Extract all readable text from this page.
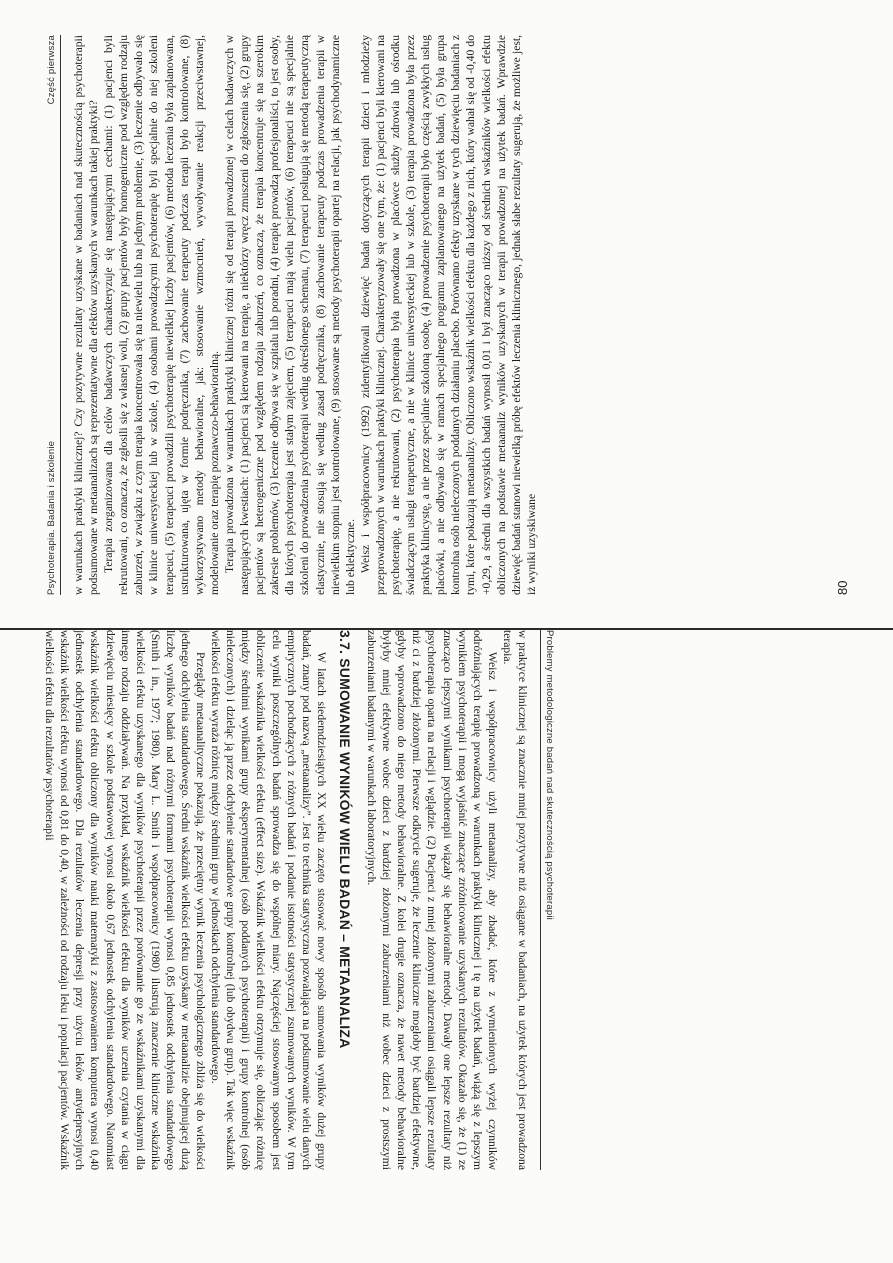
Psychoterapia. Badania i szkolenie
Część pierwsza w warunkach praktyki klinicznej? Czy pozytywne rezultaty uzyskane w badaniach nad skutecznością psychoterapii podsumowane w metaanalizach są reprezentatywne dla efektów uzyskanych w warunkach takiej praktyki? Terapia zorganizowana dla celów badawczych charakteryzuje się następującymi cechami: (1) pacjenci byli rekrutowani, co oznacza, że zgłosili się z własnej woli, (2) grupy pacjentów były homogeniczne pod względem rodzaju zaburzeń, w związku z czym terapia koncentrowała się na niewielu lub na jednym problemie, (3) leczenie odbywało się w klinice uniwersyteckiej lub w szkole, (4) osobami prowadzącymi psychoterapię byli specjalnie do niej szkoleni terapeuci, (5) terapeuci prowadzili psychoterapię niewielkiej liczby pacjentów, (6) metoda leczenia była zaplanowana, ustrukturowana, ujęta w formie podręcznika, (7) zachowanie terapeuty podczas terapii było kontrolowane, (8) wykorzystywano metody behawioralne, jak: stosowanie wzmocnień, wywoływanie reakcji przeciwstawnej, modelowanie oraz terapię poznawczo-behawioralną. Terapia prowadzona w warunkach praktyki klinicznej różni się od terapii prowadzonej w celach badawczych w następujących kwestiach: (1) pacjenci są kierowani na terapię, a niektórzy wręcz zmuszeni do zgłoszenia się, (2) grupy pacjentów są heterogeniczne pod względem rodzaju zaburzeń, co oznacza, że terapia koncentruje się na szerokim zakresie problemów, (3) leczenie odbywa się w szpitalu lub poradni, (4) terapię prowadzą profesjonaliści, to jest osoby, dla których psychoterapia jest stałym zajęciem, (5) terapeuci mają wielu pacjentów, (6) terapeuci nie są specjalnie szkoleni do prowadzenia psychoterapii według określonego schematu, (7) terapeuci posługują się metodą terapeutyczną elastycznie, nie stosują się według zasad podręcznika, (8) zachowanie terapeuty podczas prowadzenia terapii w niewielkim stopniu jest kontrolowane, (9) stosowane są metody psychoterapii opartej na relacji, jak psychodynamiczne lub eklektyczne. Weisz i współpracownicy (1992) zidentyfikowali dziewięć badań dotyczących terapii dzieci i młodzieży przeprowadzonych w warunkach praktyki klinicznej. Charakteryzowały się one tym, że: (1) pacjenci byli kierowani na psychoterapię, a nie rekrutowani, (2) psychoterapia była prowadzona w placówce służby zdrowia lub ośrodku świadczącym usługi terapeutyczne, a nie w klinice uniwersyteckiej lub w szkole, (3) terapia prowadzona była przez praktyka klinicystę, a nie przez specjalnie szkoloną osobę, (4) prowadzenie psychoterapii było częścią zwykłych usług placówki, a nie odbywało się w ramach specjalnego programu zaplanowanego na użytek badań, (5) była grupa kontrolna osób nieleczonych poddanych działaniu placebo. Porównano efekty uzyskane w tych dziewięciu badaniach z tymi, które pokazują metaanalizy. Obliczono wskaźnik wielkości efektu dla każdego z nich, który wahał się od -0,40 do +0,29, a średni dla wszystkich badań wynosił 0,01 i był znacząco niższy od średnich wskaźników wielkości efektu obliczonych na podstawie metaanaliz wyników uzyskanych w terapii prowadzonej na użytek badań. Wprawdzie dziewięć badań stanowi niewielką próbę efektów leczenia klinicznego, jednak słabe rezultaty sugerują, że możliwe jest, iż wyniki uzyskiwane	80
Problemy metodologiczne badań nad skutecznością psychoterapii

w praktyce klinicznej są znacznie mniej pozytywne niż osiągane w badaniach, na użytek których jest prowadzona terapia.

Weisz i współpracownicy użyli metaanalizy, aby zbadać, które z wymienionych wyżej czynników odróżniających terapię prowadzoną w warunkach praktyki klinicznej i tę na użytek badań, wiążą się z lepszym wynikiem psychoterapii i mogą wyjaśnić znaczące zróżnicowanie uzyskanych rezultatów. Okazało się, że (1) ze znacząco lepszymi wynikami psychoterapii wiązały się behawioralne metody. Dawały one lepsze rezultaty niż psychoterapia oparta na relacji i wglądzie. (2) Pacjenci z mniej złożonymi zaburzeniami osiągali lepsze rezultaty niż ci z bardziej złożonymi. Pierwsze odkrycie sugeruje, że leczenie kliniczne mogłoby być bardziej efektywne, gdyby wprowadzono do niego metody behawioralne. Z kolei drugie oznacza, że nawet metody behawioralne byłyby mniej efektywne wobec dzieci z bardziej złożonymi zaburzeniami niż wobec dzieci z prostszymi zaburzeniami badanymi w warunkach laboratoryjnych.

3.7. SUMOWANIE WYNIKÓW WIELU BADAŃ – METAANALIZA

W latach siedemdziesiątych XX wieku zaczęto stosować nowy sposób sumowania wyników dużej grupy badań, znany pod nazwą „metaanalizy”. Jest to technika statystyczna pozwalająca na podsumowanie wielu danych empirycznych pochodzących z różnych badań i podanie istotności statystycznej zsumowanych wyników. W tym celu wyniki poszczególnych badań sprowadza się do wspólnej miary. Najczęściej stosowanym sposobem jest obliczenie wskaźnika wielkości efektu (effect size). Wskaźnik wielkości efektu otrzymuje się, obliczając różnicę między średnimi wynikami grupy eksperymentalnej (osób poddanych psychoterapii) i grupy kontrolnej (osób nieleczonych) i dzieląc ją przez odchylenie standardowe grupy kontrolnej (lub obydwu grup). Tak więc wskaźnik wielkości efektu wyraża różnicę między średnimi grup w jednostkach odchylenia standardowego.

Przeglądy metaanalityczne pokazują, że przeciętny wynik leczenia psychologicznego zbliża się do wielkości jednego odchylenia standardowego. Średni wskaźnik wielkości efektu uzyskany w metaanalizie obejmującej dużą liczbę wyników badań nad różnymi formami psychoterapii wynosi 0,85 jednostek odchylenia standardowego (Smith i in., 1977; 1980). Mary L. Smith i współpracownicy (1980) ilustrują znaczenie kliniczne wskaźnika wielkości efektu uzyskanego dla wyników psychoterapii przez porównanie go ze wskaźnikami uzyskanymi dla innego rodzaju oddziaływań. Na przykład, wskaźnik wielkości efektu dla wyników uczenia czytania w ciągu dziewięciu miesięcy w szkole podstawowej wynosi około 0,67 jednostek odchylenia standardowego. Natomiast wskaźnik wielkości efektu obliczony dla wyników nauki matematyki z zastosowaniem komputera wynosi 0,40 jednostek odchylenia standardowego. Dla rezultatów leczenia depresji przy użyciu leków antydepresyjnych wskaźnik wielkości efektu wynosi od 0,81 do 0,40, w zależności od rodzaju leku i populacji pacjentów. Wskaźnik wielkości efektu dla rezultatów psychoterapii
